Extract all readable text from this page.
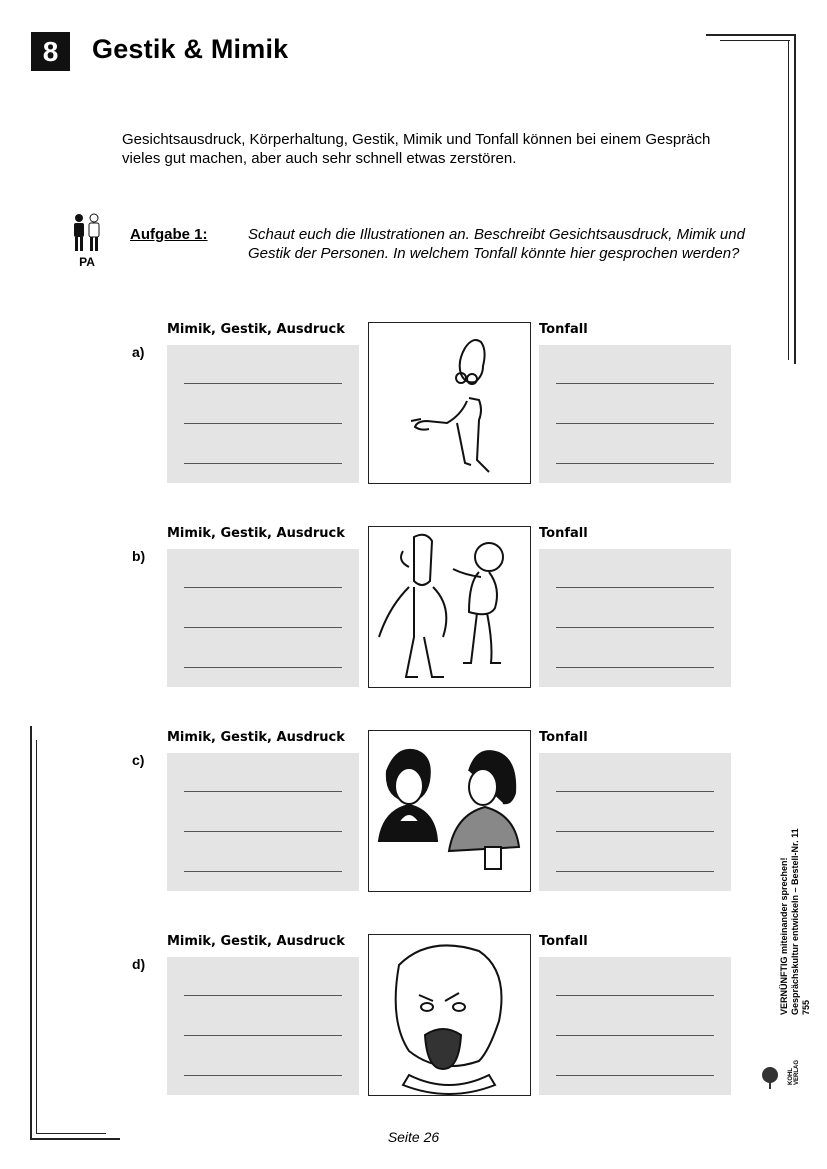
8	Gestik & Mimik
Gesichtsausdruck, Körperhaltung, Gestik, Mimik und Tonfall können bei einem Gespräch vieles gut machen, aber auch sehr schnell etwas zerstören.
PA
Aufgabe 1:	Schaut euch die Illustrationen an. Beschreibt Gesichtsausdruck, Mimik und Gestik der Personen. In welchem Tonfall könnte hier gesprochen werden?
Mimik, Gestik, Ausdruck	Tonfall
a)
Mimik, Gestik, Ausdruck	Tonfall
b)
Mimik, Gestik, Ausdruck	Tonfall
c)
Mimik, Gestik, Ausdruck	Tonfall
d)	VERNÜNFTIG miteinander sprechen! Gesprächskultur entwickeln – Bestell-Nr. 11 755
KOHL VERLAG
Seite 26
